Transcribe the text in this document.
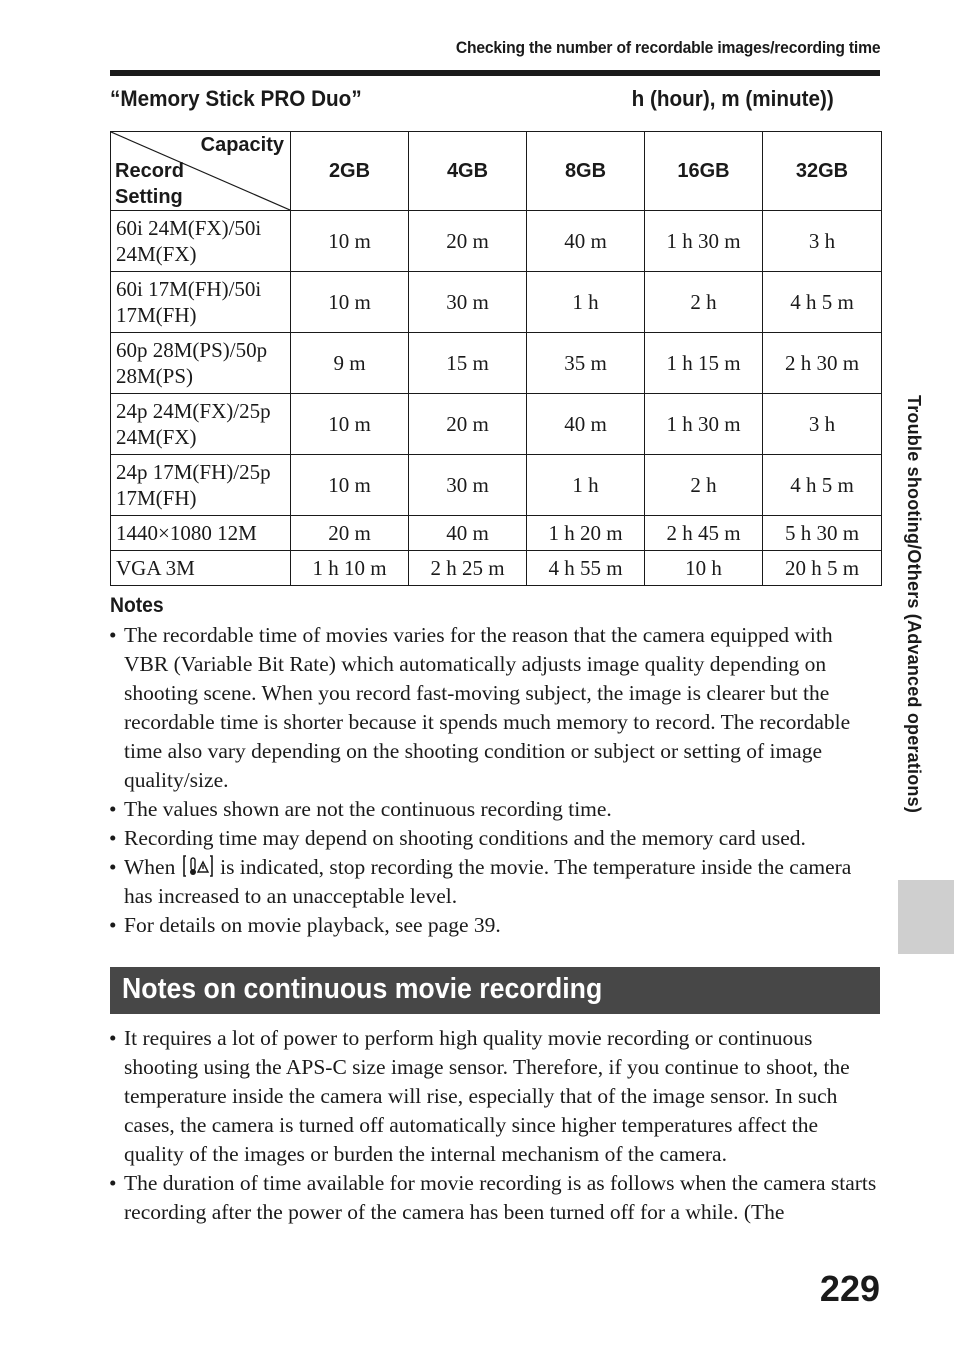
Checking the number of recordable images/recording time
“Memory Stick PRO Duo”	h (hour), m (minute))
Capacity
Record
Setting	2GB	4GB	8GB	16GB	32GB
60i 24M(FX)/50i
24M(FX)	10 m	20 m	40 m	1 h 30 m	3 h
60i 17M(FH)/50i
17M(FH)	10 m	30 m	1 h	2 h	4 h 5 m
60p 28M(PS)/50p
28M(PS)	9 m	15 m	35 m	1 h 15 m	2 h 30 m
24p 24M(FX)/25p
24M(FX)	10 m	20 m	40 m	1 h 30 m	3 h
24p 17M(FH)/25p
17M(FH)	10 m	30 m	1 h	2 h	4 h 5 m
1440×1080 12M	20 m	40 m	1 h 20 m	2 h 45 m	5 h 30 m
VGA 3M	1 h 10 m	2 h 25 m	4 h 55 m	10 h	20 h 5 m
Notes
• The recordable time of movies varies for the reason that the camera equipped with VBR (Variable Bit Rate) which automatically adjusts image quality depending on shooting scene. When you record fast-moving subject, the image is clearer but the recordable time is shorter because it spends much memory to record. The recordable time also vary depending on the shooting condition or subject or setting of image quality/size.
• The values shown are not the continuous recording time.
• Recording time may depend on shooting conditions and the memory card used.
• When is indicated, stop recording the movie. The temperature inside the camera has increased to an unacceptable level.
• For details on movie playback, see page 39.
Notes on continuous movie recording
• It requires a lot of power to perform high quality movie recording or continuous shooting using the APS-C size image sensor. Therefore, if you continue to shoot, the temperature inside the camera will rise, especially that of the image sensor. In such cases, the camera is turned off automatically since higher temperatures affect the quality of the images or burden the internal mechanism of the camera.
• The duration of time available for movie recording is as follows when the camera starts recording after the power of the camera has been turned off for a while. (The
Trouble shooting/Others (Advanced operations)
229
